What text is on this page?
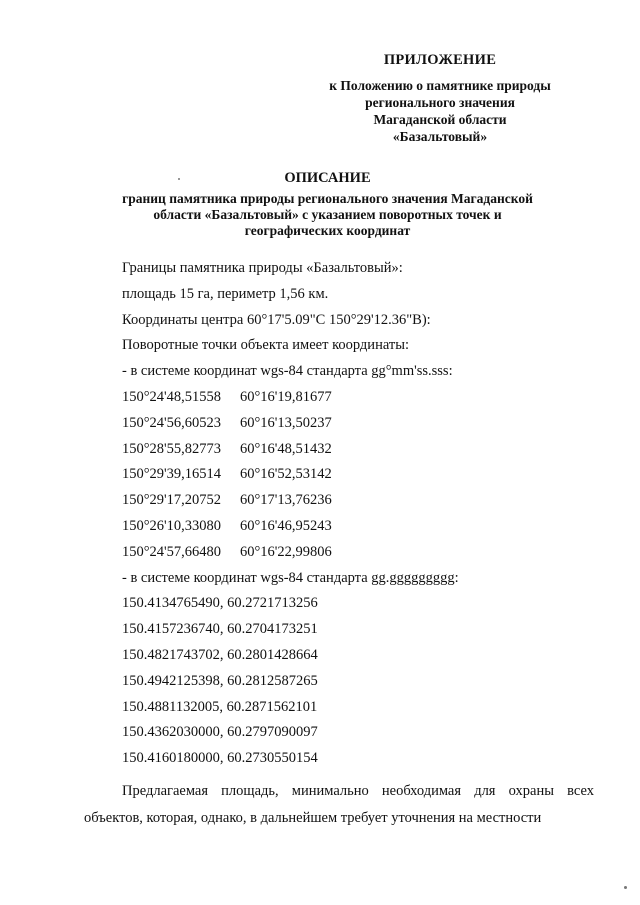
ПРИЛОЖЕНИЕ
к Положению о памятнике природы
регионального значения
Магаданской области
«Базальтовый»
ОПИСАНИЕ
границ памятника природы регионального значения Магаданской
области «Базальтовый» с указанием поворотных точек и
географических координат
Границы памятника природы «Базальтовый»:
площадь 15 га, периметр 1,56 км.
Координаты центра 60°17'5.09"С 150°29'12.36"В):
Поворотные точки объекта имеет координаты:
- в системе координат wgs-84 стандарта gg°mm'ss.sss:
150°24'48,51558 60°16'19,81677
150°24'56,60523 60°16'13,50237
150°28'55,82773 60°16'48,51432
150°29'39,16514 60°16'52,53142
150°29'17,20752 60°17'13,76236
150°26'10,33080 60°16'46,95243
150°24'57,66480 60°16'22,99806
- в системе координат wgs-84 стандарта gg.ggggggggg:
150.4134765490, 60.2721713256
150.4157236740, 60.2704173251
150.4821743702, 60.2801428664
150.4942125398, 60.2812587265
150.4881132005, 60.2871562101
150.4362030000, 60.2797090097
150.4160180000, 60.2730550154
Предлагаемая площадь, минимально необходимая для охраны всех объектов, которая, однако, в дальнейшем требует уточнения на местности
